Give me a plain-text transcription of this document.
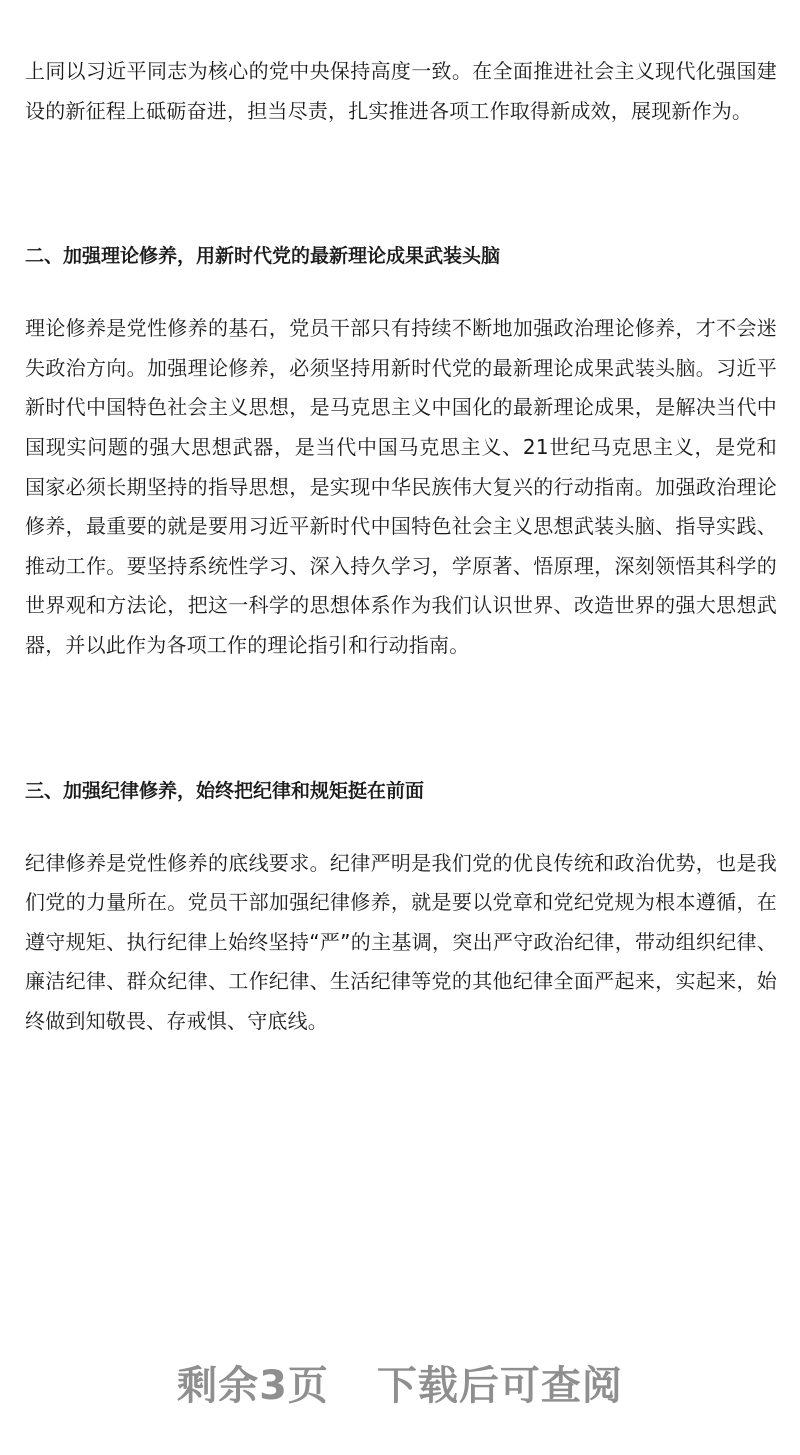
上同以习近平同志为核心的党中央保持高度一致。在全面推进社会主义现代化强国建设的新征程上砥砺奋进，担当尽责，扎实推进各项工作取得新成效，展现新作为。

二、加强理论修养，用新时代党的最新理论成果武装头脑

理论修养是党性修养的基石，党员干部只有持续不断地加强政治理论修养，才不会迷失政治方向。加强理论修养，必须坚持用新时代党的最新理论成果武装头脑。习近平新时代中国特色社会主义思想，是马克思主义中国化的最新理论成果，是解决当代中国现实问题的强大思想武器，是当代中国马克思主义、21世纪马克思主义，是党和国家必须长期坚持的指导思想，是实现中华民族伟大复兴的行动指南。加强政治理论修养，最重要的就是要用习近平新时代中国特色社会主义思想武装头脑、指导实践、推动工作。要坚持系统性学习、深入持久学习，学原著、悟原理，深刻领悟其科学的世界观和方法论，把这一科学的思想体系作为我们认识世界、改造世界的强大思想武器，并以此作为各项工作的理论指引和行动指南。

三、加强纪律修养，始终把纪律和规矩挺在前面

纪律修养是党性修养的底线要求。纪律严明是我们党的优良传统和政治优势，也是我们党的力量所在。党员干部加强纪律修养，就是要以党章和党纪党规为根本遵循，在遵守规矩、执行纪律上始终坚持“严”的主基调，突出严守政治纪律，带动组织纪律、廉洁纪律、群众纪律、工作纪律、生活纪律等党的其他纪律全面严起来，实起来，始终做到知敬畏、存戒惧、守底线。

剩余3页 下载后可查阅
